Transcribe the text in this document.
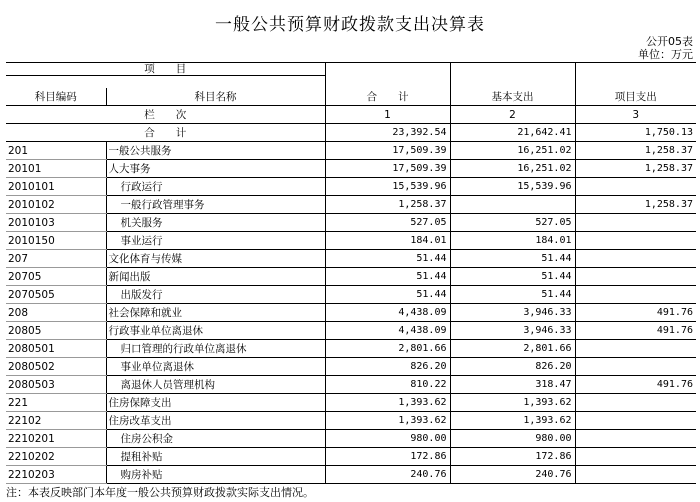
一般公共预算财政拨款支出决算表
公开05表
单位：万元
项　　目				

科目编码	科目名称	合　　计	基本支出	项目支出
栏　　次		1	2	3
合　　计		23,392.54	21,642.41	1,750.13
201	一般公共服务	17,509.39	16,251.02	1,258.37
20101	人大事务	17,509.39	16,251.02	1,258.37
2010101	行政运行	15,539.96	15,539.96	
2010102	一般行政管理事务	1,258.37		1,258.37
2010103	机关服务	527.05	527.05	
2010150	事业运行	184.01	184.01	
207	文化体育与传媒	51.44	51.44	
20705	新闻出版	51.44	51.44	
2070505	出版发行	51.44	51.44	
208	社会保障和就业	4,438.09	3,946.33	491.76
20805	行政事业单位离退休	4,438.09	3,946.33	491.76
2080501	归口管理的行政单位离退休	2,801.66	2,801.66	
2080502	事业单位离退休	826.20	826.20	
2080503	离退休人员管理机构	810.22	318.47	491.76
221	住房保障支出	1,393.62	1,393.62	
22102	住房改革支出	1,393.62	1,393.62	
2210201	住房公积金	980.00	980.00	
2210202	提租补贴	172.86	172.86	
2210203	购房补贴	240.76	240.76	
注：本表反映部门本年度一般公共预算财政拨款实际支出情况。
